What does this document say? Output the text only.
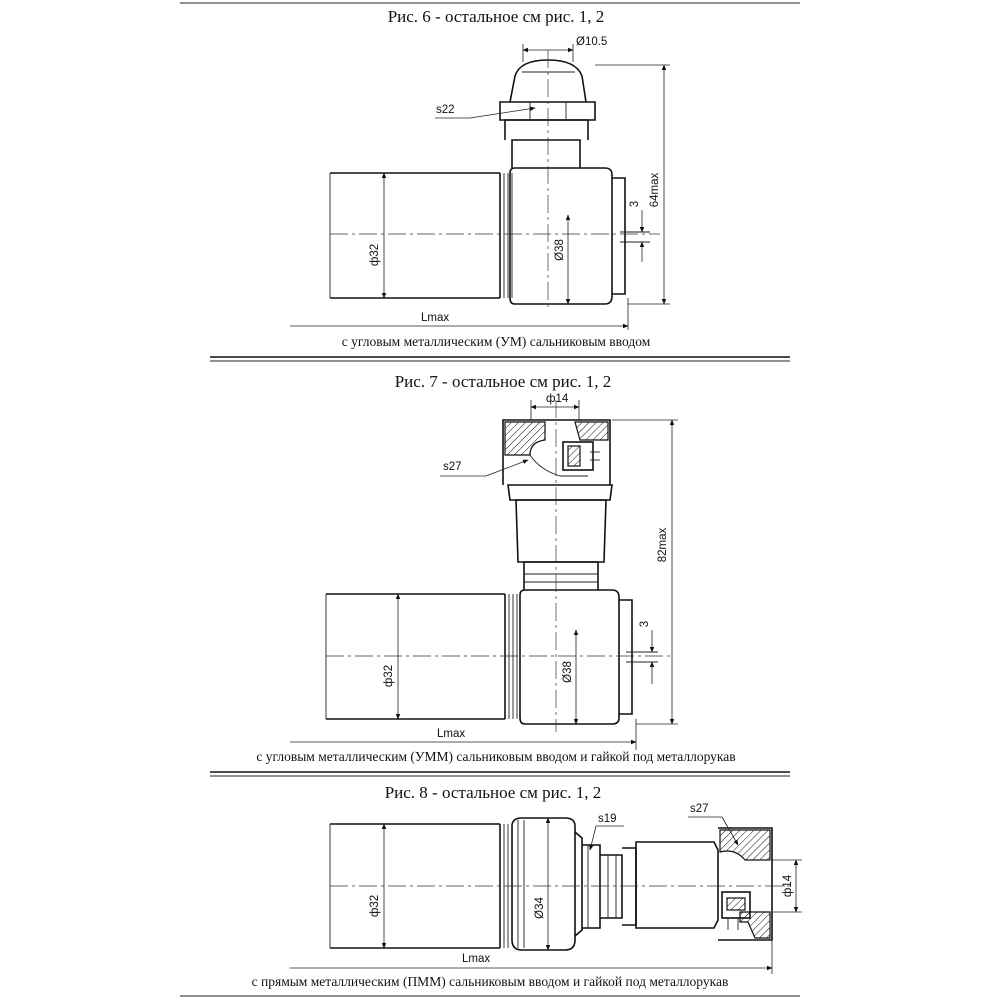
Рис. 6 - остальное см рис. 1, 2
Ø10.5
s22
64max
3
Ø38
ф32
Lmax
с угловым металлическим (УМ) сальниковым вводом
Рис. 7 - остальное см рис. 1, 2
ф14
s27
82max
3
Ø38
ф32
Lmax
с угловым металлическим (УММ) сальниковым вводом и гайкой под металлорукав
Рис. 8 - остальное см рис. 1, 2
s27
s19
ф14
Ø34
ф32
Lmax
с прямым металлическим (ПММ) сальниковым вводом и гайкой под металлорукав
